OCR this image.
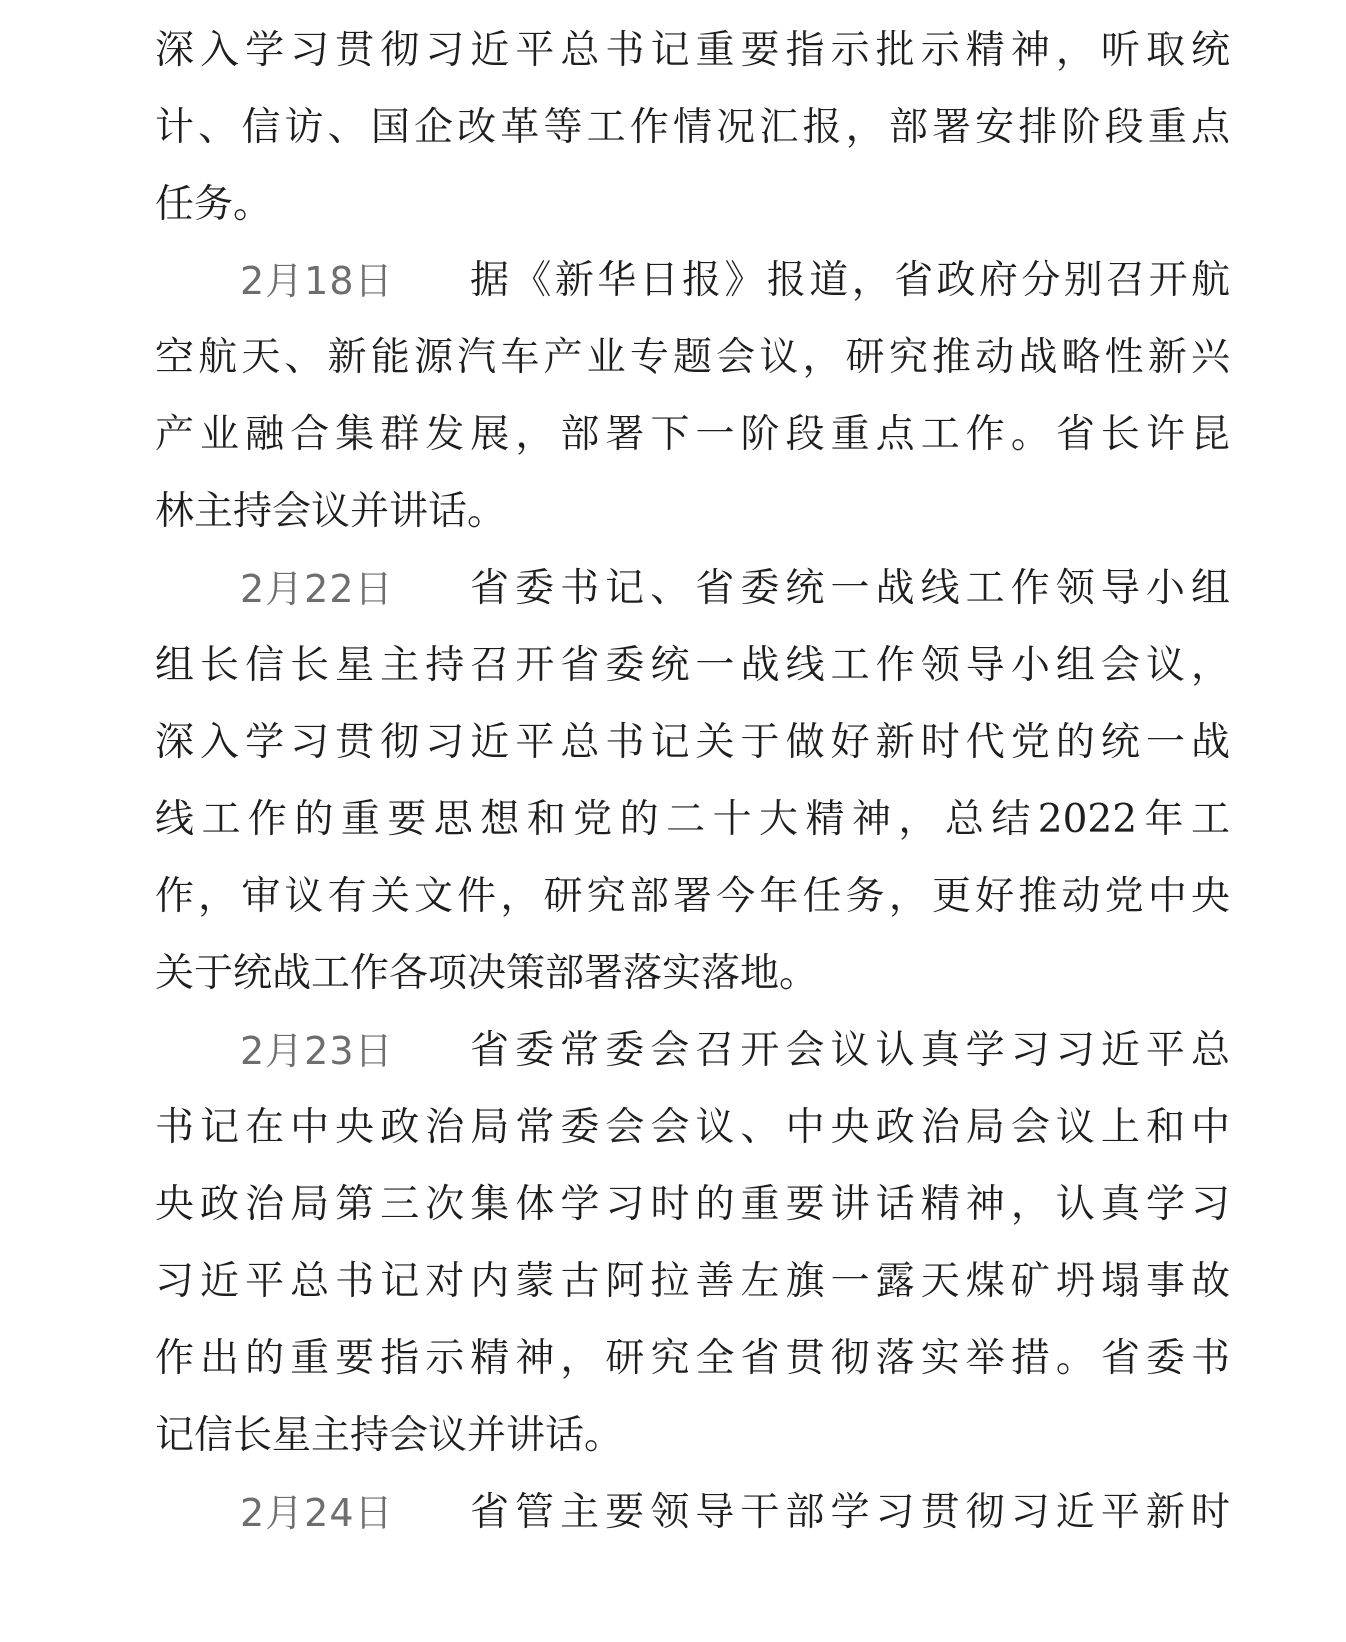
深入学习贯彻习近平总书记重要指示批示精神，听取统
计、信访、国企改革等工作情况汇报，部署安排阶段重点
任务。
2月18日 据《新华日报》报道，省政府分别召开航
空航天、新能源汽车产业专题会议，研究推动战略性新兴
产业融合集群发展，部署下一阶段重点工作。省长许昆
林主持会议并讲话。
2月22日 省委书记、省委统一战线工作领导小组
组长信长星主持召开省委统一战线工作领导小组会议，
深入学习贯彻习近平总书记关于做好新时代党的统一战
线工作的重要思想和党的二十大精神，总结2022年工
作，审议有关文件，研究部署今年任务，更好推动党中央
关于统战工作各项决策部署落实落地。
2月23日 省委常委会召开会议认真学习习近平总
书记在中央政治局常委会会议、中央政治局会议上和中
央政治局第三次集体学习时的重要讲话精神，认真学习
习近平总书记对内蒙古阿拉善左旗一露天煤矿坍塌事故
作出的重要指示精神，研究全省贯彻落实举措。省委书
记信长星主持会议并讲话。
2月24日 省管主要领导干部学习贯彻习近平新时
